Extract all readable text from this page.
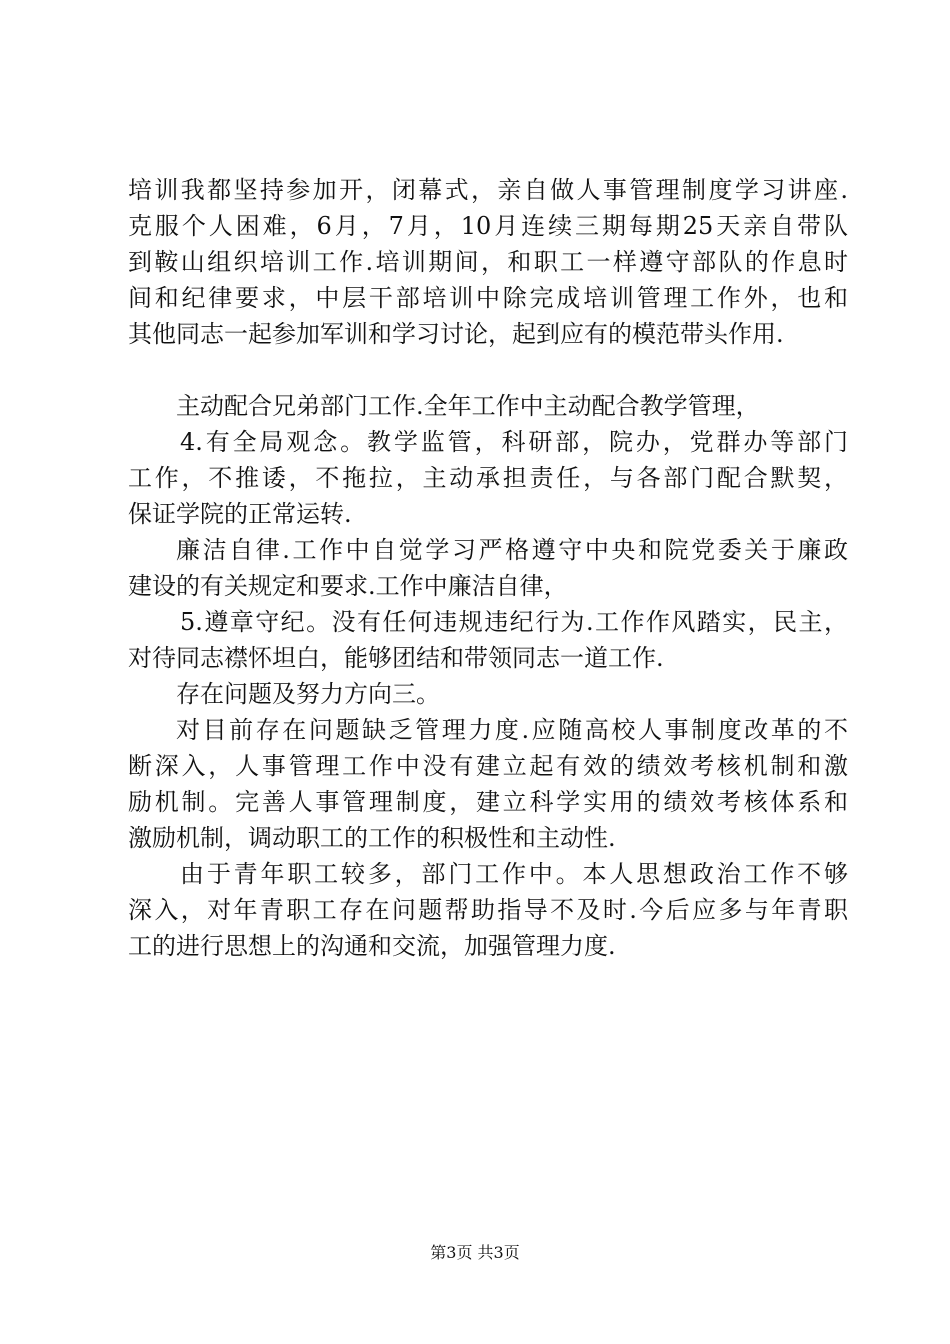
培训我都坚持参加开，闭幕式，亲自做人事管理制度学习讲座.
克服个人困难，6月，7月，10月连续三期每期25天亲自带队
到鞍山组织培训工作.培训期间，和职工一样遵守部队的作息时
间和纪律要求，中层干部培训中除完成培训管理工作外，也和
其他同志一起参加军训和学习讨论，起到应有的模范带头作用.
主动配合兄弟部门工作.全年工作中主动配合教学管理，
4.有全局观念。教学监管，科研部，院办，党群办等部门
工作，不推诿，不拖拉，主动承担责任，与各部门配合默契，
保证学院的正常运转.
廉洁自律.工作中自觉学习严格遵守中央和院党委关于廉政
建设的有关规定和要求.工作中廉洁自律，
5.遵章守纪。没有任何违规违纪行为.工作作风踏实，民主，
对待同志襟怀坦白，能够团结和带领同志一道工作.
存在问题及努力方向三。
对目前存在问题缺乏管理力度.应随高校人事制度改革的不
断深入，人事管理工作中没有建立起有效的绩效考核机制和激
励机制。完善人事管理制度，建立科学实用的绩效考核体系和
激励机制，调动职工的工作的积极性和主动性.
由于青年职工较多，部门工作中。本人思想政治工作不够
深入，对年青职工存在问题帮助指导不及时.今后应多与年青职
工的进行思想上的沟通和交流，加强管理力度.
第3页 共3页
